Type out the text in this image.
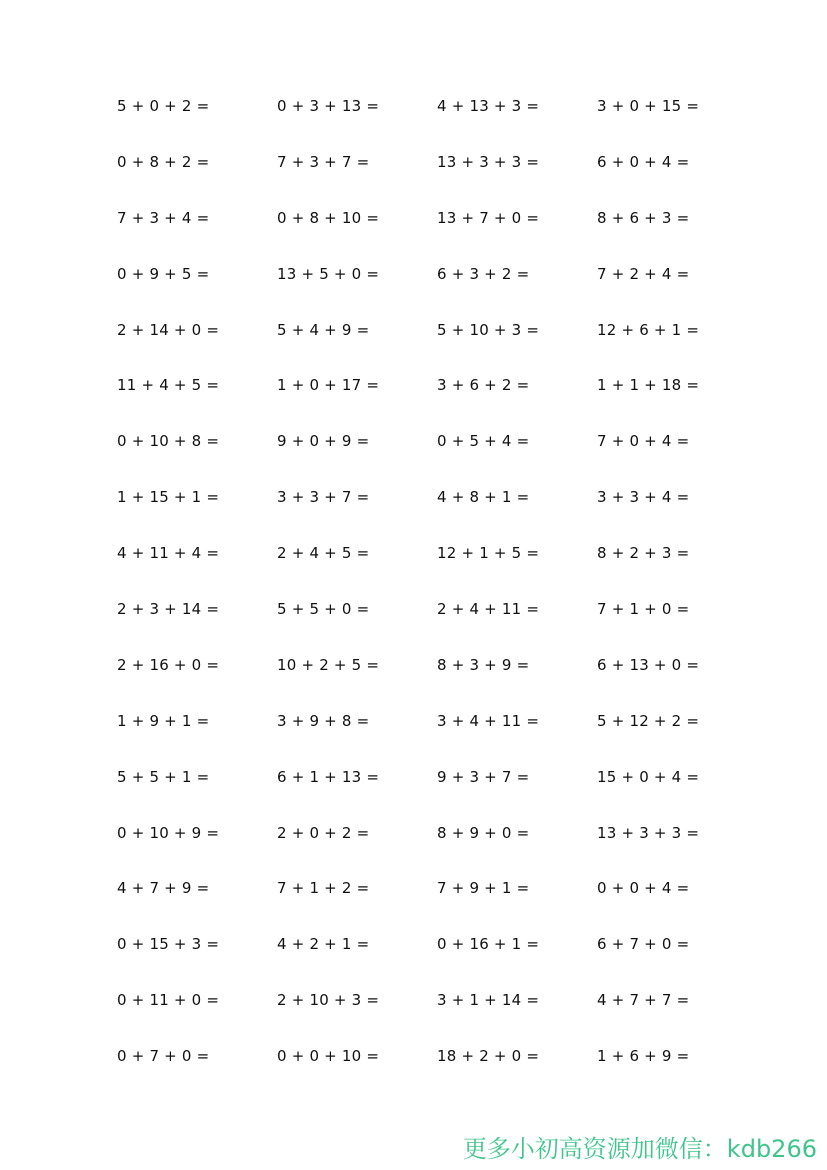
5 + 0 + 2 =	0 + 3 + 13 =	4 + 13 + 3 =	3 + 0 + 15 =
0 + 8 + 2 =	7 + 3 + 7 =	13 + 3 + 3 =	6 + 0 + 4 =
7 + 3 + 4 =	0 + 8 + 10 =	13 + 7 + 0 =	8 + 6 + 3 =
0 + 9 + 5 =	13 + 5 + 0 =	6 + 3 + 2 =	7 + 2 + 4 =
2 + 14 + 0 =	5 + 4 + 9 =	5 + 10 + 3 =	12 + 6 + 1 =
11 + 4 + 5 =	1 + 0 + 17 =	3 + 6 + 2 =	1 + 1 + 18 =
0 + 10 + 8 =	9 + 0 + 9 =	0 + 5 + 4 =	7 + 0 + 4 =
1 + 15 + 1 =	3 + 3 + 7 =	4 + 8 + 1 =	3 + 3 + 4 =
4 + 11 + 4 =	2 + 4 + 5 =	12 + 1 + 5 =	8 + 2 + 3 =
2 + 3 + 14 =	5 + 5 + 0 =	2 + 4 + 11 =	7 + 1 + 0 =
2 + 16 + 0 =	10 + 2 + 5 =	8 + 3 + 9 =	6 + 13 + 0 =
1 + 9 + 1 =	3 + 9 + 8 =	3 + 4 + 11 =	5 + 12 + 2 =
5 + 5 + 1 =	6 + 1 + 13 =	9 + 3 + 7 =	15 + 0 + 4 =
0 + 10 + 9 =	2 + 0 + 2 =	8 + 9 + 0 =	13 + 3 + 3 =
4 + 7 + 9 =	7 + 1 + 2 =	7 + 9 + 1 =	0 + 0 + 4 =
0 + 15 + 3 =	4 + 2 + 1 =	0 + 16 + 1 =	6 + 7 + 0 =
0 + 11 + 0 =	2 + 10 + 3 =	3 + 1 + 14 =	4 + 7 + 7 =
0 + 7 + 0 =	0 + 0 + 10 =	18 + 2 + 0 =	1 + 6 + 9 =
更多小初高资源加微信：kdb266
